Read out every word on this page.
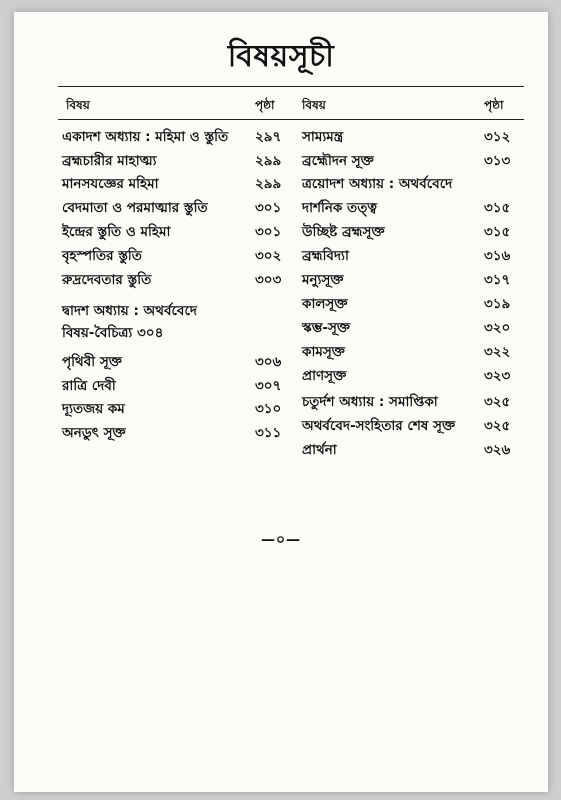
বিষয়সূচী
বিষয়	পৃষ্ঠা বিষয়	পৃষ্ঠা
একাদশ অধ্যায় : মহিমা ও স্তুতি ২৯৭
ব্রহ্মচারীর মাহাত্ম্য	২৯৯
মানসযজ্ঞের মহিমা	২৯৯
বেদমাতা ও পরমাত্মার স্তুতি	৩০১
ইন্দ্রের স্তুতি ও মহিমা	৩০১
বৃহস্পতির স্তুতি	৩০২
রুদ্রদেবতার স্তুতি	৩০৩
দ্বাদশ অধ্যায় : অথর্ববেদে
বিষয়-বৈচিত্র্য ৩০৪
পৃথিবী সূক্ত	৩০৬
রাত্রি দেবী	৩০৭
দ্যূতজয় কম	৩১০
অনডুৎ সূক্ত	৩১১
সাম্যমন্ত্র	৩১২
ব্রহ্মৌদন সূক্ত	৩১৩
ত্রয়োদশ অধ্যায় : অথর্ববেদে
দার্শনিক তত্ত্ব	৩১৫
উচ্ছিষ্ট ব্রহ্মসূক্ত	৩১৫
ব্রহ্মবিদ্যা	৩১৬
মন্যুসূক্ত	৩১৭
কালসূক্ত	৩১৯
স্কম্ভ-সূক্ত	৩২০
কামসূক্ত	৩২২
প্রাণসূক্ত	৩২৩
চতুর্দশ অধ্যায় : সমাপ্তিকা	৩২৫
অথর্ববেদ-সংহিতার শেষ সূক্ত ৩২৫
প্রার্থনা	৩২৬
—০—
